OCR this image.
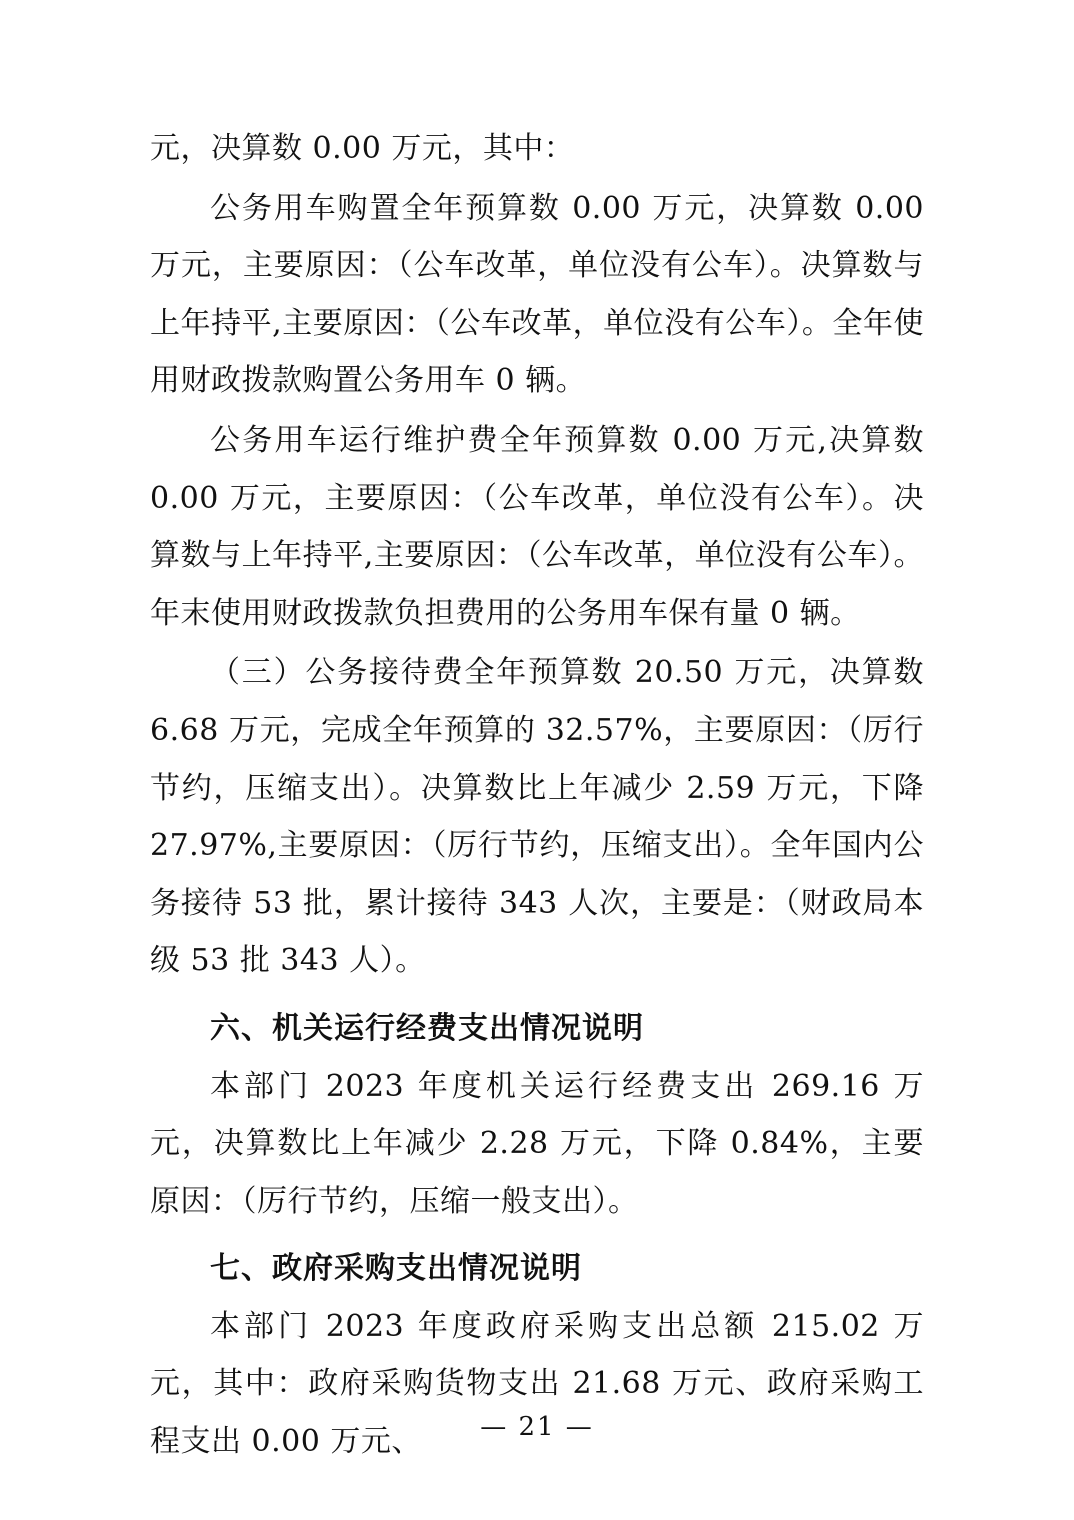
元，决算数 0.00 万元，其中：

公务用车购置全年预算数 0.00 万元，决算数 0.00 万元，主要原因：（公车改革，单位没有公车）。决算数与上年持平,主要原因：（公车改革，单位没有公车）。全年使用财政拨款购置公务用车 0 辆。

公务用车运行维护费全年预算数 0.00 万元,决算数 0.00 万元，主要原因：（公车改革，单位没有公车）。决算数与上年持平,主要原因：（公车改革，单位没有公车）。年末使用财政拨款负担费用的公务用车保有量 0 辆。

（三）公务接待费全年预算数 20.50 万元，决算数 6.68 万元，完成全年预算的 32.57%，主要原因：（厉行节约，压缩支出）。决算数比上年减少 2.59 万元，下降 27.97%,主要原因：（厉行节约，压缩支出）。全年国内公务接待 53 批，累计接待 343 人次，主要是：（财政局本级 53 批 343 人）。

六、机关运行经费支出情况说明

本部门 2023 年度机关运行经费支出 269.16 万元，决算数比上年减少 2.28 万元，下降 0.84%，主要原因：（厉行节约，压缩一般支出）。

七、政府采购支出情况说明

本部门 2023 年度政府采购支出总额 215.02 万元，其中：政府采购货物支出 21.68 万元、政府采购工程支出 0.00 万元、	— 21 —
